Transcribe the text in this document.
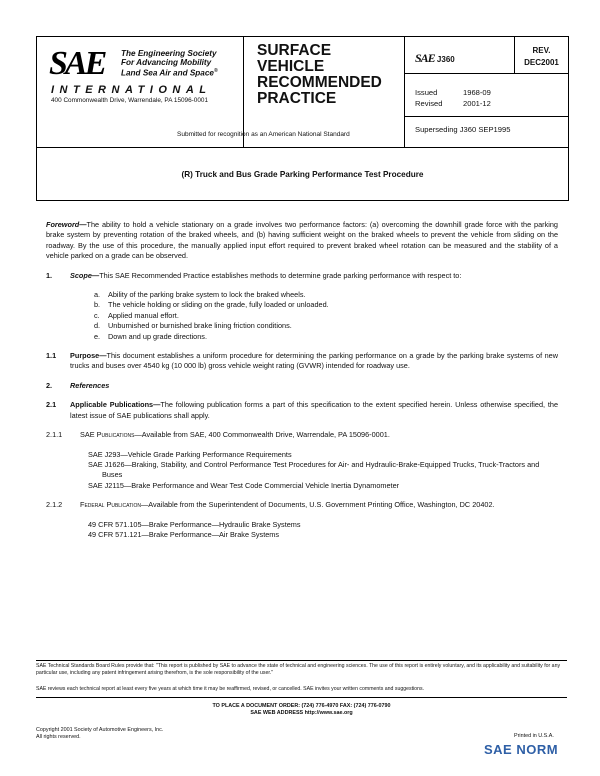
SAE The Engineering Society
For Advancing Mobility
Land Sea Air and Space®
INTERNATIONAL
400 Commonwealth Drive, Warrendale, PA 15096-0001
SURFACE
VEHICLE
RECOMMENDED
PRACTICE
Submitted for recognition as an American National Standard
SAE J360
REV.
DEC2001
Issued	1968-09
Revised	2001-12
Superseding J360 SEP1995
(R) Truck and Bus Grade Parking Performance Test Procedure

Foreword—The ability to hold a vehicle stationary on a grade involves two performance factors: (a) overcoming the downhill grade force with the parking brake system by preventing rotation of the braked wheels, and (b) having sufficient weight on the braked wheels to prevent the vehicle from sliding on the roadway. By the use of this procedure, the manually applied input effort required to prevent braked wheel rotation can be measured and the stability of a vehicle parked on a grade can be observed.

1. Scope—This SAE Recommended Practice establishes methods to determine grade parking performance with respect to:

a. Ability of the parking brake system to lock the braked wheels.
b. The vehicle holding or sliding on the grade, fully loaded or unloaded.
c. Applied manual effort.
d. Unburnished or burnished brake lining friction conditions.
e. Down and up grade directions.

1.1 Purpose—This document establishes a uniform procedure for determining the parking performance on a grade by the parking brake systems of new trucks and buses over 4540 kg (10 000 lb) gross vehicle weight rating (GVWR) intended for roadway use.

2. References

2.1 Applicable Publications—The following publication forms a part of this specification to the extent specified herein. Unless otherwise specified, the latest issue of SAE publications shall apply.

2.1.1 SAE Publications—Available from SAE, 400 Commonwealth Drive, Warrendale, PA 15096-0001.

SAE J293—Vehicle Grade Parking Performance Requirements
SAE J1626—Braking, Stability, and Control Performance Test Procedures for Air- and Hydraulic-Brake-Equipped Trucks, Truck-Tractors and Buses
SAE J2115—Brake Performance and Wear Test Code Commercial Vehicle Inertia Dynamometer

2.1.2 Federal Publication—Available from the Superintendent of Documents, U.S. Government Printing Office, Washington, DC 20402.

49 CFR 571.105—Brake Performance—Hydraulic Brake Systems
49 CFR 571.121—Brake Performance—Air Brake Systems
SAE Technical Standards Board Rules provide that: "This report is published by SAE to advance the state of technical and engineering sciences. The use of this report is entirely voluntary, and its applicability and suitability for any particular use, including any patent infringement arising therefrom, is the sole responsibility of the user."
SAE reviews each technical report at least every five years at which time it may be reaffirmed, revised, or cancelled. SAE invites your written comments and suggestions.
TO PLACE A DOCUMENT ORDER: (724) 776-4970 FAX: (724) 776-0790
SAE WEB ADDRESS http://www.sae.org
Copyright 2001 Society of Automotive Engineers, Inc.
All rights reserved.	Printed in U.S.A.
SAE NORM
